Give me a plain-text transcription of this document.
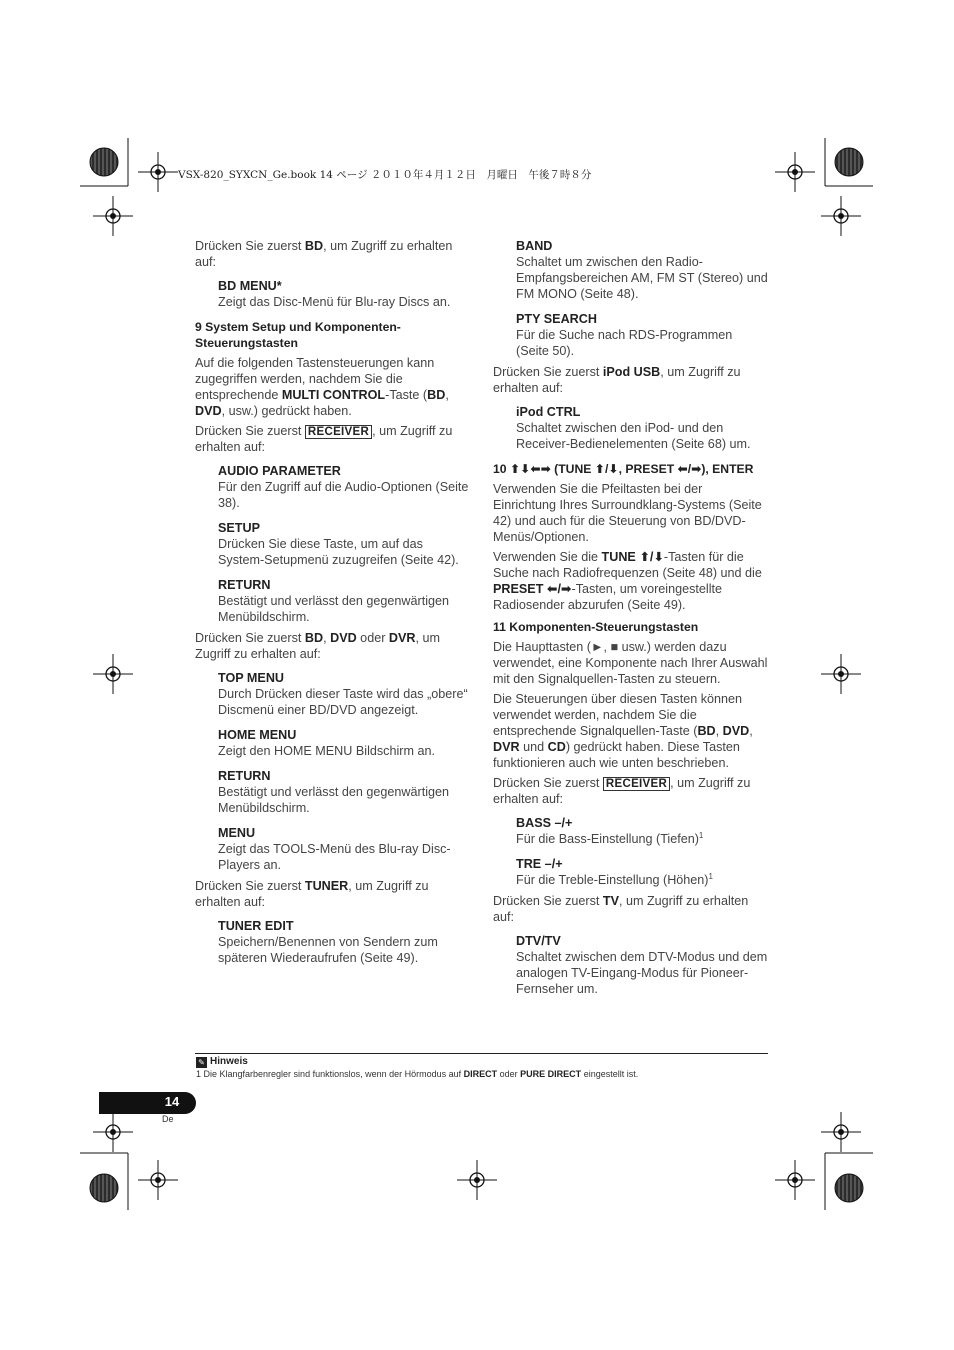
VSX-820_SYXCN_Ge.book 14 ページ ２０１０年４月１２日　月曜日　午後７時８分

Drücken Sie zuerst BD, um Zugriff zu erhalten auf:

BD MENU*
Zeigt das Disc-Menü für Blu-ray Discs an.

9 System Setup und Komponenten-Steuerungstasten

Auf die folgenden Tastensteuerungen kann zugegriffen werden, nachdem Sie die entsprechende MULTI CONTROL-Taste (BD, DVD, usw.) gedrückt haben.

Drücken Sie zuerst RECEIVER , um Zugriff zu erhalten auf:

AUDIO PARAMETER
Für den Zugriff auf die Audio-Optionen (Seite 38).
SETUP
Drücken Sie diese Taste, um auf das System-Setupmenü zuzugreifen (Seite 42).
RETURN
Bestätigt und verlässt den gegenwärtigen Menübildschirm.

Drücken Sie zuerst BD, DVD oder DVR, um Zugriff zu erhalten auf:

TOP MENU
Durch Drücken dieser Taste wird das „obere“ Discmenü einer BD/DVD angezeigt.
HOME MENU
Zeigt den HOME MENU Bildschirm an.
RETURN
Bestätigt und verlässt den gegenwärtigen Menübildschirm.
MENU
Zeigt das TOOLS-Menü des Blu-ray Disc-Players an.

Drücken Sie zuerst TUNER, um Zugriff zu erhalten auf:

TUNER EDIT
Speichern/Benennen von Sendern zum späteren Wiederaufrufen (Seite 49).
BAND
Schaltet um zwischen den Radio-Empfangsbereichen AM, FM ST (Stereo) und FM MONO (Seite 48).
PTY SEARCH
Für die Suche nach RDS-Programmen (Seite 50).

Drücken Sie zuerst iPod USB, um Zugriff zu erhalten auf:

iPod CTRL
Schaltet zwischen den iPod- und den Receiver-Bedienelementen (Seite 68) um.

10 ⬆⬇⬅➡ (TUNE ⬆/⬇, PRESET ⬅/➡), ENTER

Verwenden Sie die Pfeiltasten bei der Einrichtung Ihres Surroundklang-Systems (Seite 42) und auch für die Steuerung von BD/DVD-Menüs/Optionen.

Verwenden Sie die TUNE ⬆/⬇-Tasten für die Suche nach Radiofrequenzen (Seite 48) und die PRESET ⬅/➡-Tasten, um voreingestellte Radiosender abzurufen (Seite 49).

11 Komponenten-Steuerungstasten

Die Haupttasten (►, ■ usw.) werden dazu verwendet, eine Komponente nach Ihrer Auswahl mit den Signalquellen-Tasten zu steuern.

Die Steuerungen über diesen Tasten können verwendet werden, nachdem Sie die entsprechende Signalquellen-Taste (BD, DVD, DVR und CD) gedrückt haben. Diese Tasten funktionieren auch wie unten beschrieben.

Drücken Sie zuerst RECEIVER , um Zugriff zu erhalten auf:

BASS –/+
Für die Bass-Einstellung (Tiefen)$^1$
TRE –/+
Für die Treble-Einstellung (Höhen)$^1$

Drücken Sie zuerst TV, um Zugriff zu erhalten auf:

DTV/TV
Schaltet zwischen dem DTV-Modus und dem analogen TV-Eingang-Modus für Pioneer-Fernseher um.
✎ Hinweis
1 Die Klangfarbenregler sind funktionslos, wenn der Hörmodus auf DIRECT oder PURE DIRECT eingestellt ist.
14
De
